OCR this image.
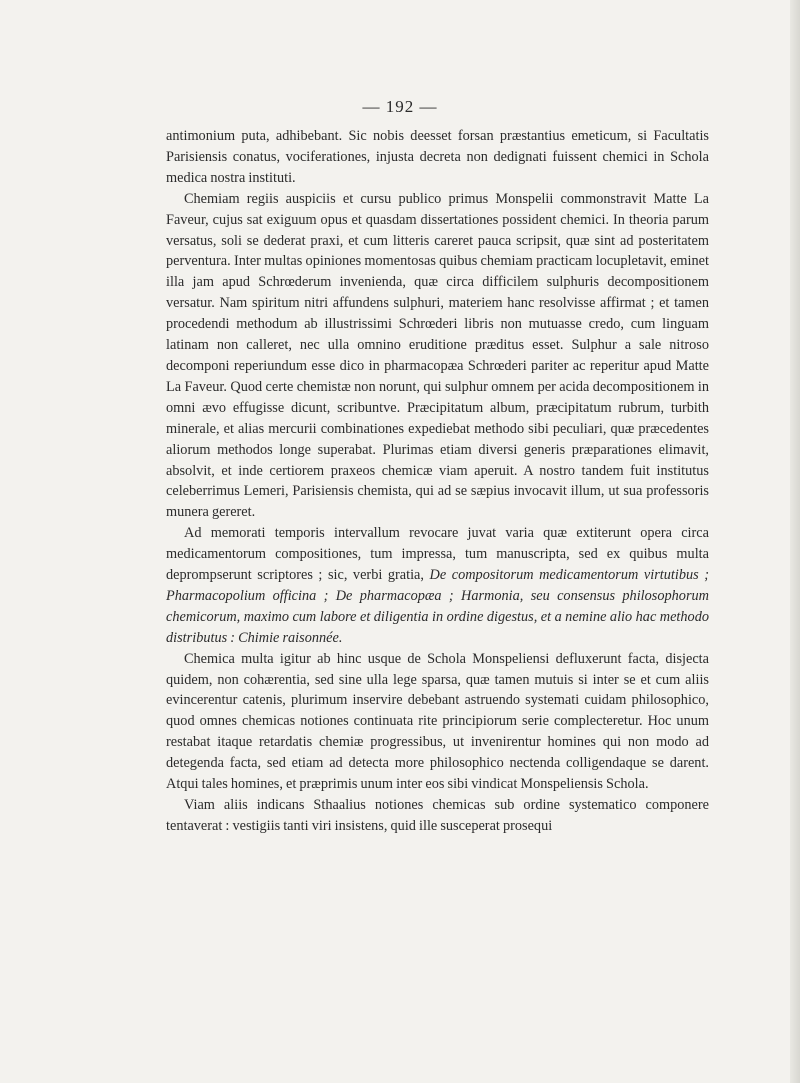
— 192 —

antimonium puta, adhibebant. Sic nobis deesset forsan præstantius emeticum, si Facultatis Parisiensis conatus, vociferationes, injusta decreta non dedignati fuissent chemici in Schola medica nostra instituti.

Chemiam regiis auspiciis et cursu publico primus Monspelii commonstravit Matte La Faveur, cujus sat exiguum opus et quasdam dissertationes possident chemici. In theoria parum versatus, soli se dederat praxi, et cum litteris careret pauca scripsit, quæ sint ad posteritatem perventura. Inter multas opiniones momentosas quibus chemiam practicam locupletavit, eminet illa jam apud Schrœderum invenienda, quæ circa difficilem sulphuris decompositionem versatur. Nam spiritum nitri affundens sulphuri, materiem hanc resolvisse affirmat ; et tamen procedendi methodum ab illustrissimi Schrœderi libris non mutuasse credo, cum linguam latinam non calleret, nec ulla omnino eruditione præditus esset. Sulphur a sale nitroso decomponi reperiundum esse dico in pharmacopæa Schrœderi pariter ac reperitur apud Matte La Faveur. Quod certe chemistæ non norunt, qui sulphur omnem per acida decompositionem in omni ævo effugisse dicunt, scribuntve. Præcipitatum album, præcipitatum rubrum, turbith minerale, et alias mercurii combinationes expediebat methodo sibi peculiari, quæ præcedentes aliorum methodos longe superabat. Plurimas etiam diversi generis præparationes elimavit, absolvit, et inde certiorem praxeos chemicæ viam aperuit. A nostro tandem fuit institutus celeberrimus Lemeri, Parisiensis chemista, qui ad se sæpius invocavit illum, ut sua professoris munera gereret.

Ad memorati temporis intervallum revocare juvat varia quæ extiterunt opera circa medicamentorum compositiones, tum impressa, tum manuscripta, sed ex quibus multa deprompserunt scriptores ; sic, verbi gratia, De compositorum medicamentorum virtutibus ; Pharmacopolium officina ; De pharmacopæa ; Harmonia, seu consensus philosophorum chemicorum, maximo cum labore et diligentia in ordine digestus, et a nemine alio hac methodo distributus : Chimie raisonnée.

Chemica multa igitur ab hinc usque de Schola Monspeliensi defluxerunt facta, disjecta quidem, non cohærentia, sed sine ulla lege sparsa, quæ tamen mutuis si inter se et cum aliis evincerentur catenis, plurimum inservire debebant astruendo systemati cuidam philosophico, quod omnes chemicas notiones continuata rite principiorum serie complecteretur. Hoc unum restabat itaque retardatis chemiæ progressibus, ut invenirentur homines qui non modo ad detegenda facta, sed etiam ad detecta more philosophico nectenda colligendaque se darent. Atqui tales homines, et præprimis unum inter eos sibi vindicat Monspeliensis Schola.

Viam aliis indicans Sthaalius notiones chemicas sub ordine systematico componere tentaverat : vestigiis tanti viri insistens, quid ille susceperat prosequi
